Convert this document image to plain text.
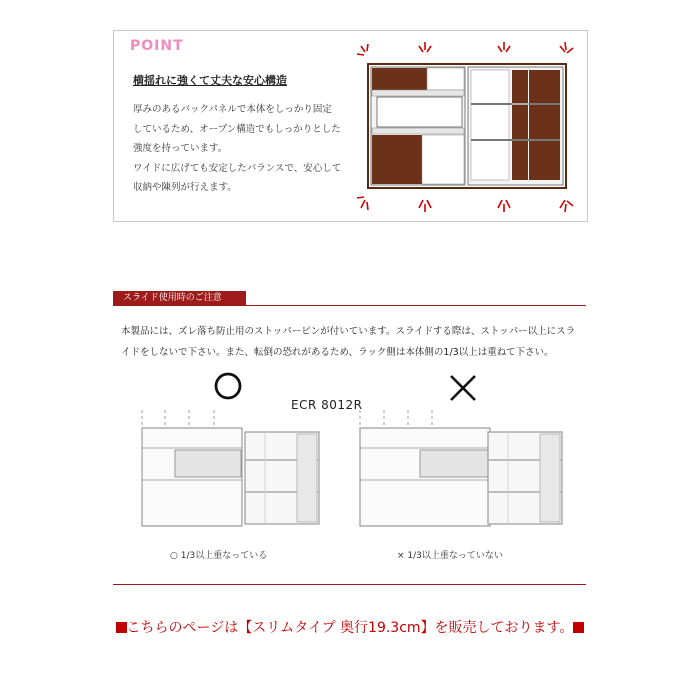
POINT
横揺れに強くて丈夫な安心構造
厚みのあるバックパネルで本体をしっかり固定
しているため、オープン構造でもしっかりとした
強度を持っています。
ワイドに広げても安定したバランスで、安心して
収納や陳列が行えます。
スライド使用時のご注意
本製品には、ズレ落ち防止用のストッパーピンが付いています。スライドする際は、ストッパー以上にスラ
イドをしないで下さい。また、転倒の恐れがあるため、ラック側は本体側の1/3以上は重ねて下さい。
ECR 8012R
○ 1/3以上重なっている	× 1/3以上重なっていない
こちらのページは【スリムタイプ 奥行19.3cm】を販売しております。
